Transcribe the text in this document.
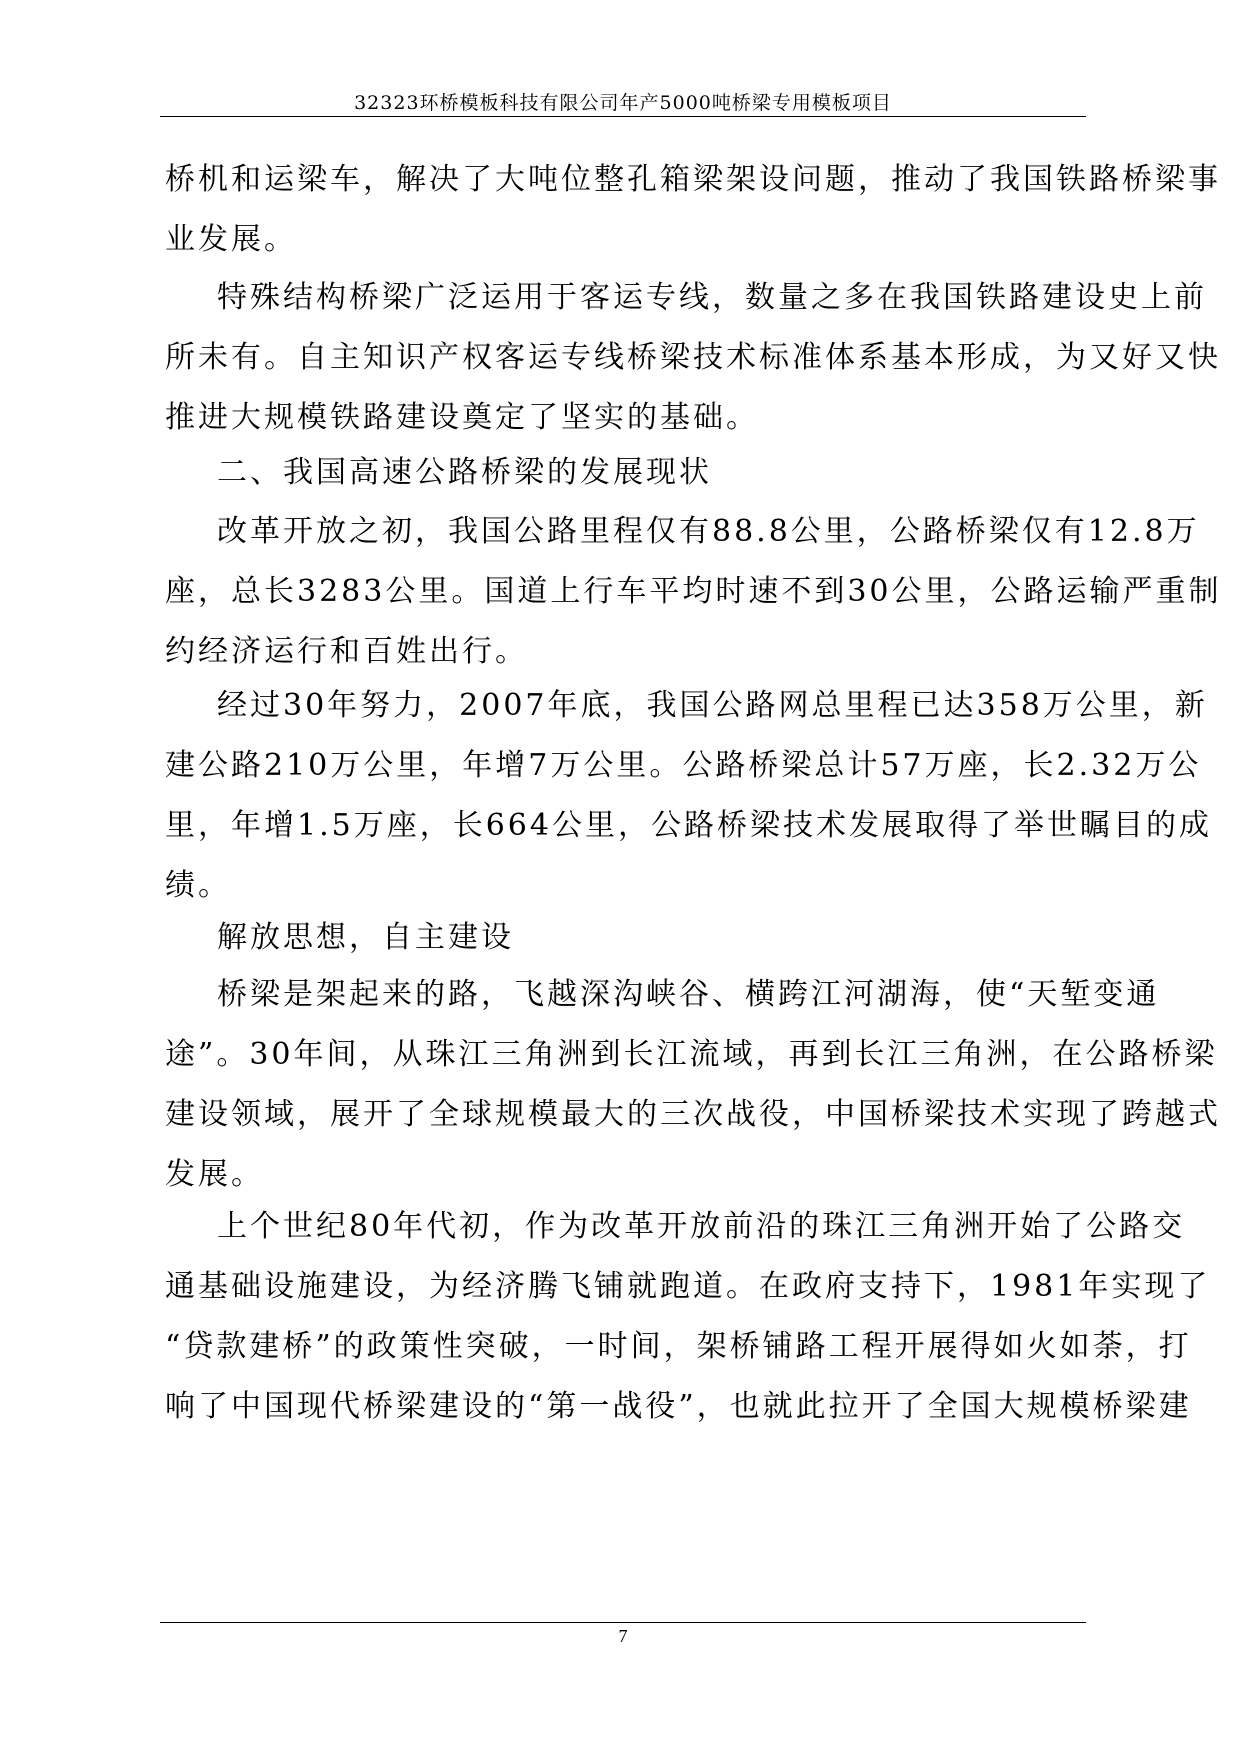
32323环桥模板科技有限公司年产5000吨桥梁专用模板项目
桥机和运梁车，解决了大吨位整孔箱梁架设问题，推动了我国铁路桥梁事
业发展。
特殊结构桥梁广泛运用于客运专线，数量之多在我国铁路建设史上前
所未有。自主知识产权客运专线桥梁技术标准体系基本形成，为又好又快
推进大规模铁路建设奠定了坚实的基础。
二、我国高速公路桥梁的发展现状
改革开放之初，我国公路里程仅有88.8公里，公路桥梁仅有12.8万
座，总长3283公里。国道上行车平均时速不到30公里，公路运输严重制
约经济运行和百姓出行。
经过30年努力，2007年底，我国公路网总里程已达358万公里，新
建公路210万公里，年增7万公里。公路桥梁总计57万座，长2.32万公
里，年增1.5万座，长664公里，公路桥梁技术发展取得了举世瞩目的成
绩。
解放思想，自主建设
桥梁是架起来的路，飞越深沟峡谷、横跨江河湖海，使“天堑变通
途”。30年间，从珠江三角洲到长江流域，再到长江三角洲，在公路桥梁
建设领域，展开了全球规模最大的三次战役，中国桥梁技术实现了跨越式
发展。
上个世纪80年代初，作为改革开放前沿的珠江三角洲开始了公路交
通基础设施建设，为经济腾飞铺就跑道。在政府支持下，1981年实现了
“贷款建桥”的政策性突破，一时间，架桥铺路工程开展得如火如荼，打
响了中国现代桥梁建设的“第一战役”，也就此拉开了全国大规模桥梁建
7
